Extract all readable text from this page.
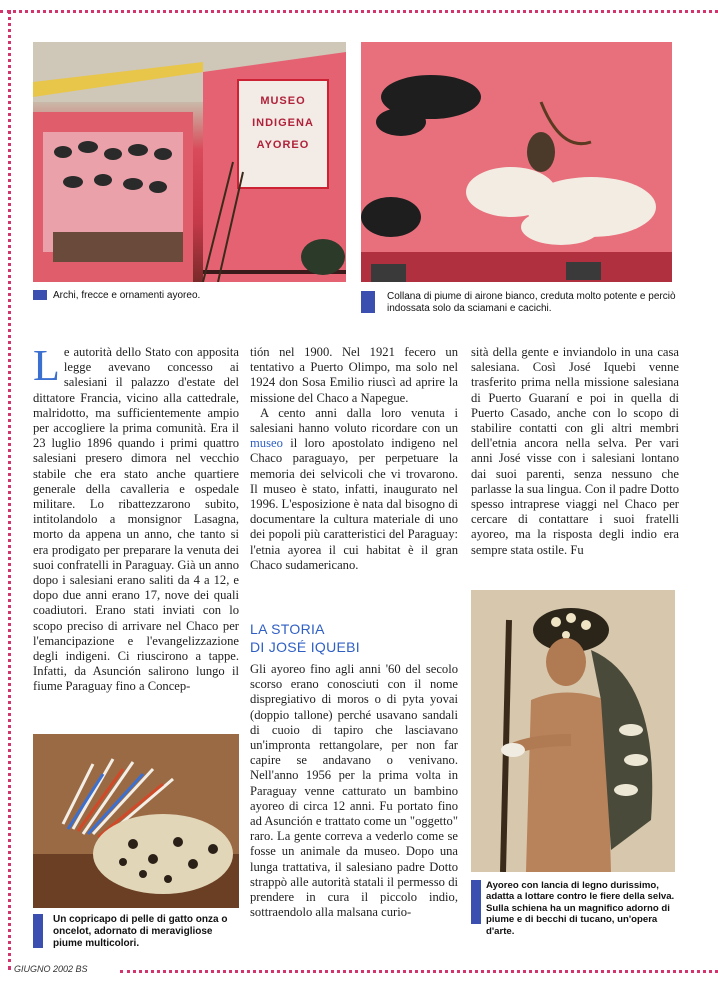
MUSEO
INDIGENA
AYOREO
Archi, frecce e ornamenti ayoreo.	Collana di piume di airone bianco, creduta molto potente e perciò indossata solo da sciamani e cacichi.
Le autorità dello Stato con apposita legge avevano concesso ai salesiani il palazzo d'estate del dittatore Francia, vicino alla cattedrale, malridotto, ma sufficientemente ampio per accogliere la prima comunità. Era il 23 luglio 1896 quando i primi quattro salesiani presero dimora nel vecchio stabile che era stato anche quartiere generale della cavalleria e ospedale militare. Lo ribattezzarono subito, intitolandolo a monsignor Lasagna, morto da appena un anno, che tanto si era prodigato per preparare la venuta dei suoi confratelli in Paraguay. Già un anno dopo i salesiani erano saliti da 4 a 12, e dopo due anni erano 17, nove dei quali coadiutori. Erano stati inviati con lo scopo preciso di arrivare nel Chaco per l'emancipazione e l'evangelizzazione degli indigeni. Ci riuscirono a tappe. Infatti, da Asunción salirono lungo il fiume Paraguay fino a Concep-

tión nel 1900. Nel 1921 fecero un tentativo a Puerto Olimpo, ma solo nel 1924 don Sosa Emilio riuscì ad aprire la missione del Chaco a Napegue.

A cento anni dalla loro venuta i salesiani hanno voluto ricordare con un museo il loro apostolato indigeno nel Chaco paraguayo, per perpetuare la memoria dei selvicoli che vi trovarono. Il museo è stato, infatti, inaugurato nel 1996. L'esposizione è nata dal bisogno di documentare la cultura materiale di uno dei popoli più caratteristici del Paraguay: l'etnia ayorea il cui habitat è il gran Chaco sudamericano.

LA STORIA
DI JOSÉ IQUEBI

Gli ayoreo fino agli anni '60 del secolo scorso erano conosciuti con il nome dispregiativo di moros o di pyta yovai (doppio tallone) perché usavano sandali di cuoio di tapiro che lasciavano un'impronta rettangolare, per non far capire se andavano o venivano. Nell'anno 1956 per la prima volta in Paraguay venne catturato un bambino ayoreo di circa 12 anni. Fu portato fino ad Asunción e trattato come un "oggetto" raro. La gente correva a vederlo come se fosse un animale da museo. Dopo una lunga trattativa, il salesiano padre Dotto strappò alle autorità statali il permesso di prendere in cura il piccolo indio, sottraendolo alla malsana curio-

sità della gente e inviandolo in una casa salesiana. Così José Iquebi venne trasferito prima nella missione salesiana di Puerto Guaraní e poi in quella di Puerto Casado, anche con lo scopo di stabilire contatti con gli altri membri dell'etnia ancora nella selva. Per vari anni José visse con i salesiani lontano dai suoi parenti, senza nessuno che parlasse la sua lingua. Con il padre Dotto spesso intraprese viaggi nel Chaco per cercare di contattare i suoi fratelli ayoreo, ma la risposta degli indio era sempre stata ostile. Fu

Un copricapo di pelle di gatto onza o oncelot, adornato di meravigliose piume multicolori.
Ayoreo con lancia di legno durissimo, adatta a lottare contro le fiere della selva. Sulla schiena ha un magnifico adorno di piume e di becchi di tucano, un'opera d'arte.
GIUGNO 2002 BS
